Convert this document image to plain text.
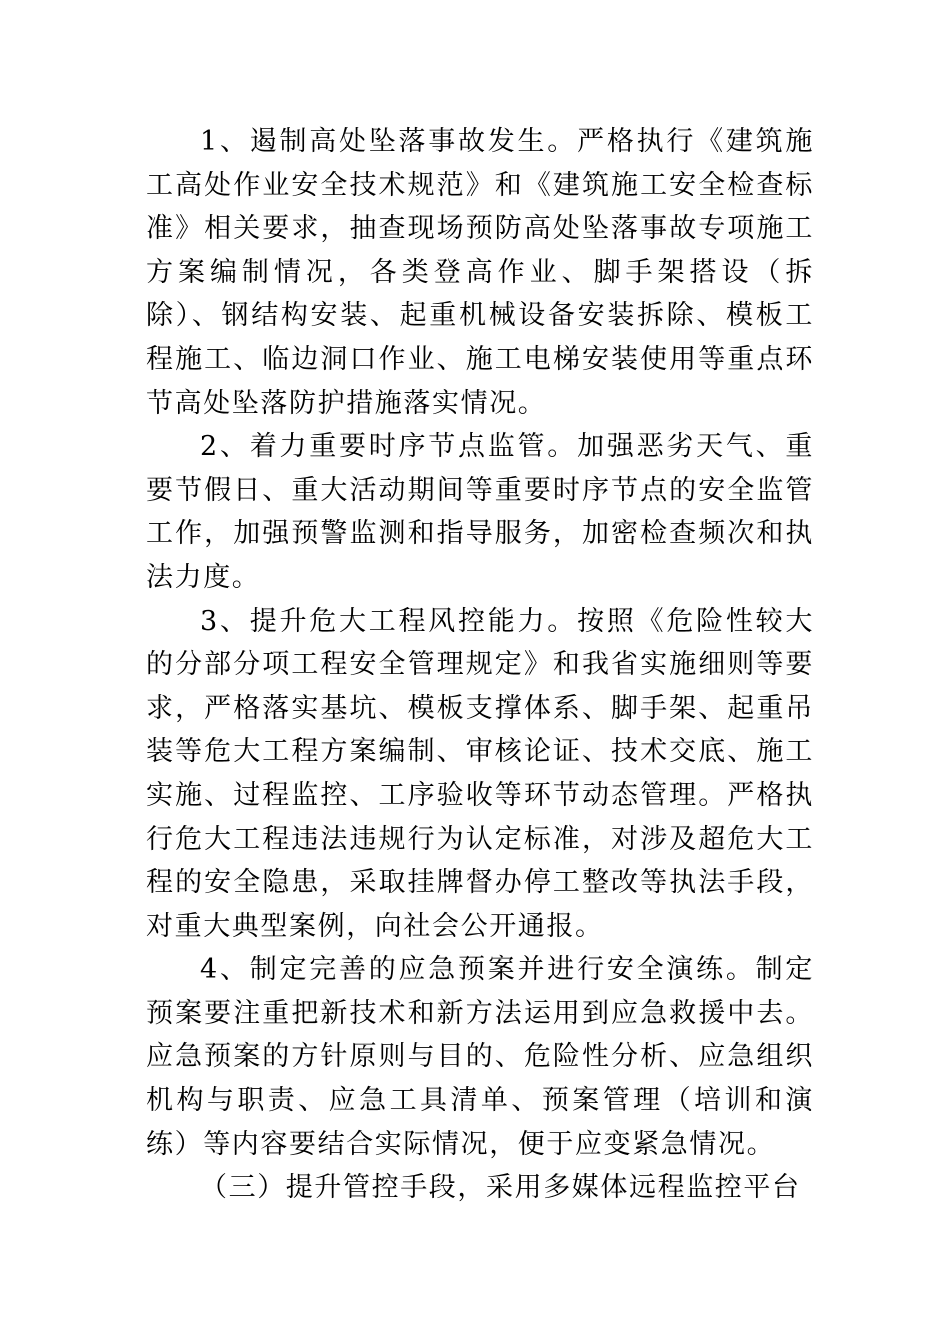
1、遏制高处坠落事故发生。严格执行《建筑施工高处作业安全技术规范》和《建筑施工安全检查标准》相关要求，抽查现场预防高处坠落事故专项施工方案编制情况，各类登高作业、脚手架搭设（拆除）、钢结构安装、起重机械设备安装拆除、模板工程施工、临边洞口作业、施工电梯安装使用等重点环节高处坠落防护措施落实情况。

2、着力重要时序节点监管。加强恶劣天气、重要节假日、重大活动期间等重要时序节点的安全监管工作，加强预警监测和指导服务，加密检查频次和执法力度。

3、提升危大工程风控能力。按照《危险性较大的分部分项工程安全管理规定》和我省实施细则等要求，严格落实基坑、模板支撑体系、脚手架、起重吊装等危大工程方案编制、审核论证、技术交底、施工实施、过程监控、工序验收等环节动态管理。严格执行危大工程违法违规行为认定标准，对涉及超危大工程的安全隐患，采取挂牌督办停工整改等执法手段，对重大典型案例，向社会公开通报。

4、制定完善的应急预案并进行安全演练。制定预案要注重把新技术和新方法运用到应急救援中去。应急预案的方针原则与目的、危险性分析、应急组织机构与职责、应急工具清单、预案管理（培训和演练）等内容要结合实际情况，便于应变紧急情况。

（三）提升管控手段，采用多媒体远程监控平台
